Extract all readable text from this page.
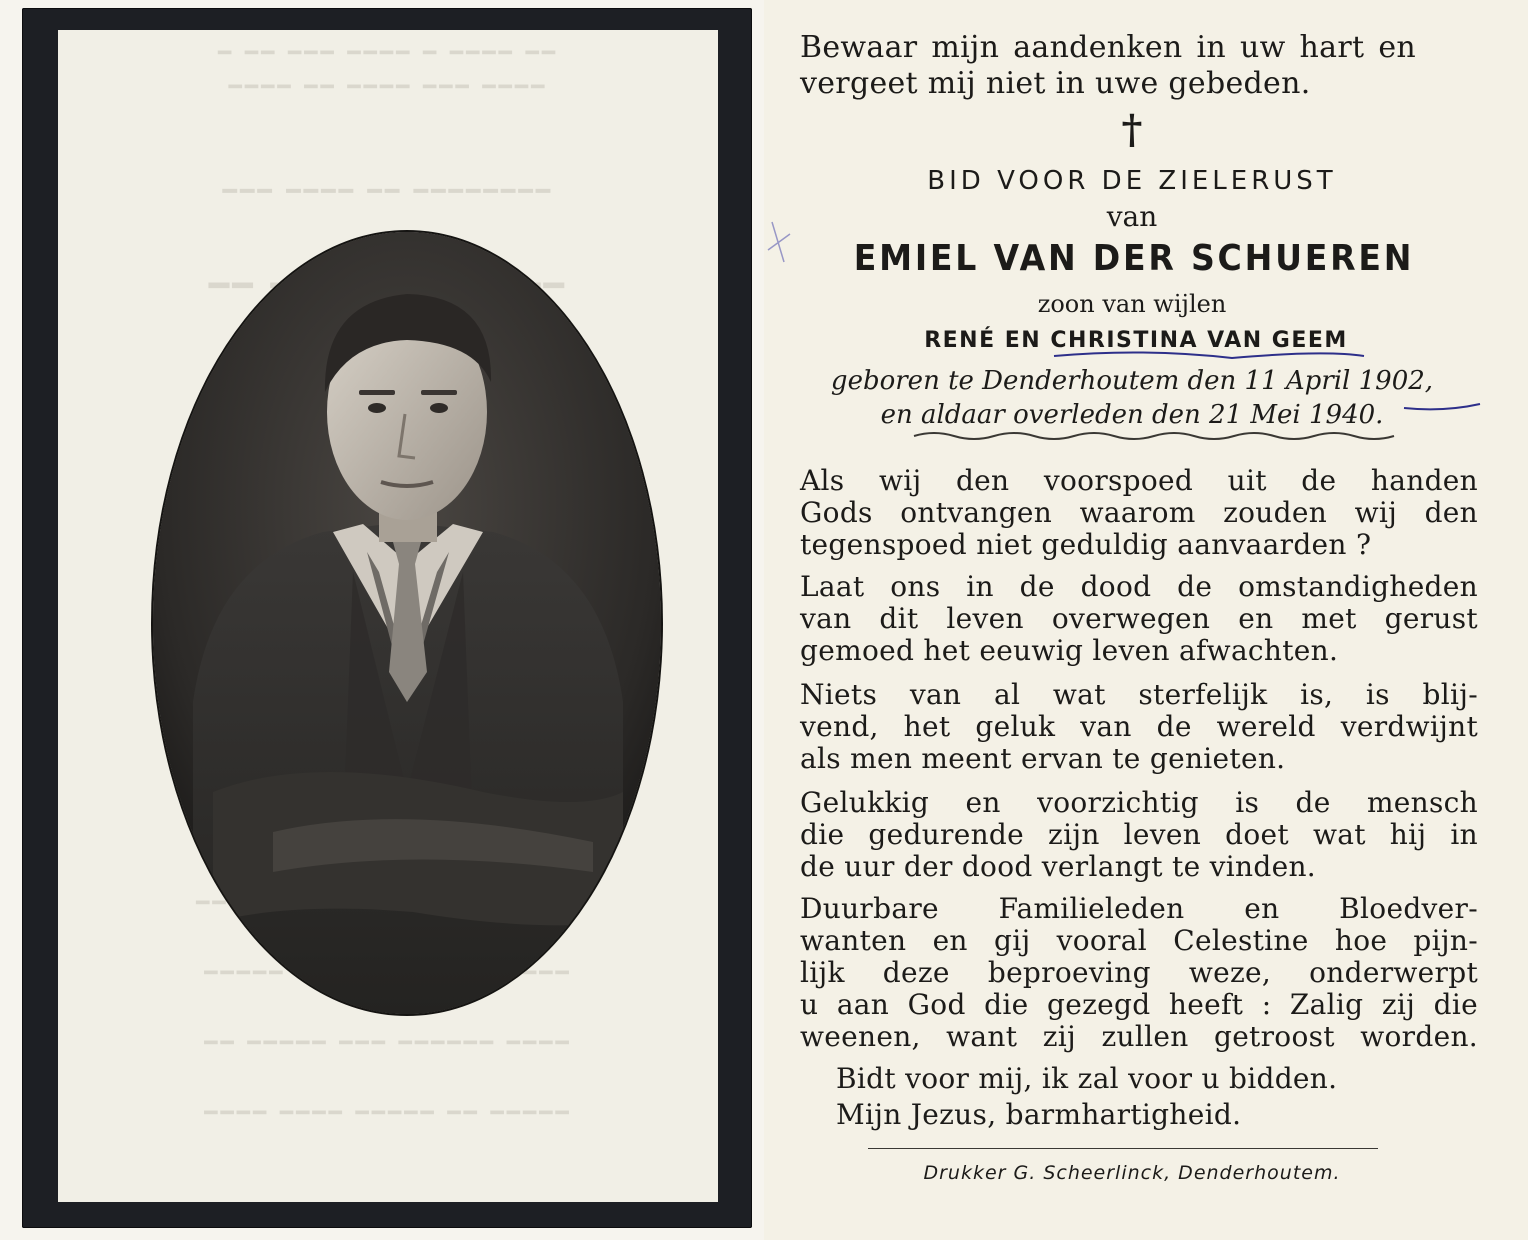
━ ━━ ━━━ ━━━━ ━ ━━━━ ━━
━━━━ ━━ ━━━━ ━━━ ━━━━
━━━ ━━━━ ━━ ━━━━━━━━
━━ ━━━━━ ━━━ ━━━━━━ ━━━━
━━━━ ━━━━ ━━━━━ ━━ ━━━━━
Bewaar mijn aandenken in uw hart en
vergeet mij niet in uwe gebeden.
†
BID VOOR DE ZIELERUST
van
EMIEL VAN DER SCHUEREN
zoon van wijlen
RENÉ EN CHRISTINA VAN GEEM
geboren te Denderhoutem den 11 April 1902,
en aldaar overleden den 21 Mei 1940.
Als wij den voorspoed uit de handen
Gods ontvangen waarom zouden wij den
tegenspoed niet geduldig aanvaarden ?
Laat ons in de dood de omstandigheden
van dit leven overwegen en met gerust
gemoed het eeuwig leven afwachten.
Niets van al wat sterfelijk is, is blij-
vend, het geluk van de wereld verdwijnt
als men meent ervan te genieten.
Gelukkig en voorzichtig is de mensch
die gedurende zijn leven doet wat hij in
de uur der dood verlangt te vinden.
Duurbare Familieleden en Bloedver-
wanten en gij vooral Celestine hoe pijn-
lijk deze beproeving weze, onderwerpt
u aan God die gezegd heeft : Zalig zij die
weenen, want zij zullen getroost worden.
Bidt voor mij, ik zal voor u bidden.
Mijn Jezus, barmhartigheid.
Drukker G. Scheerlinck, Denderhoutem.
